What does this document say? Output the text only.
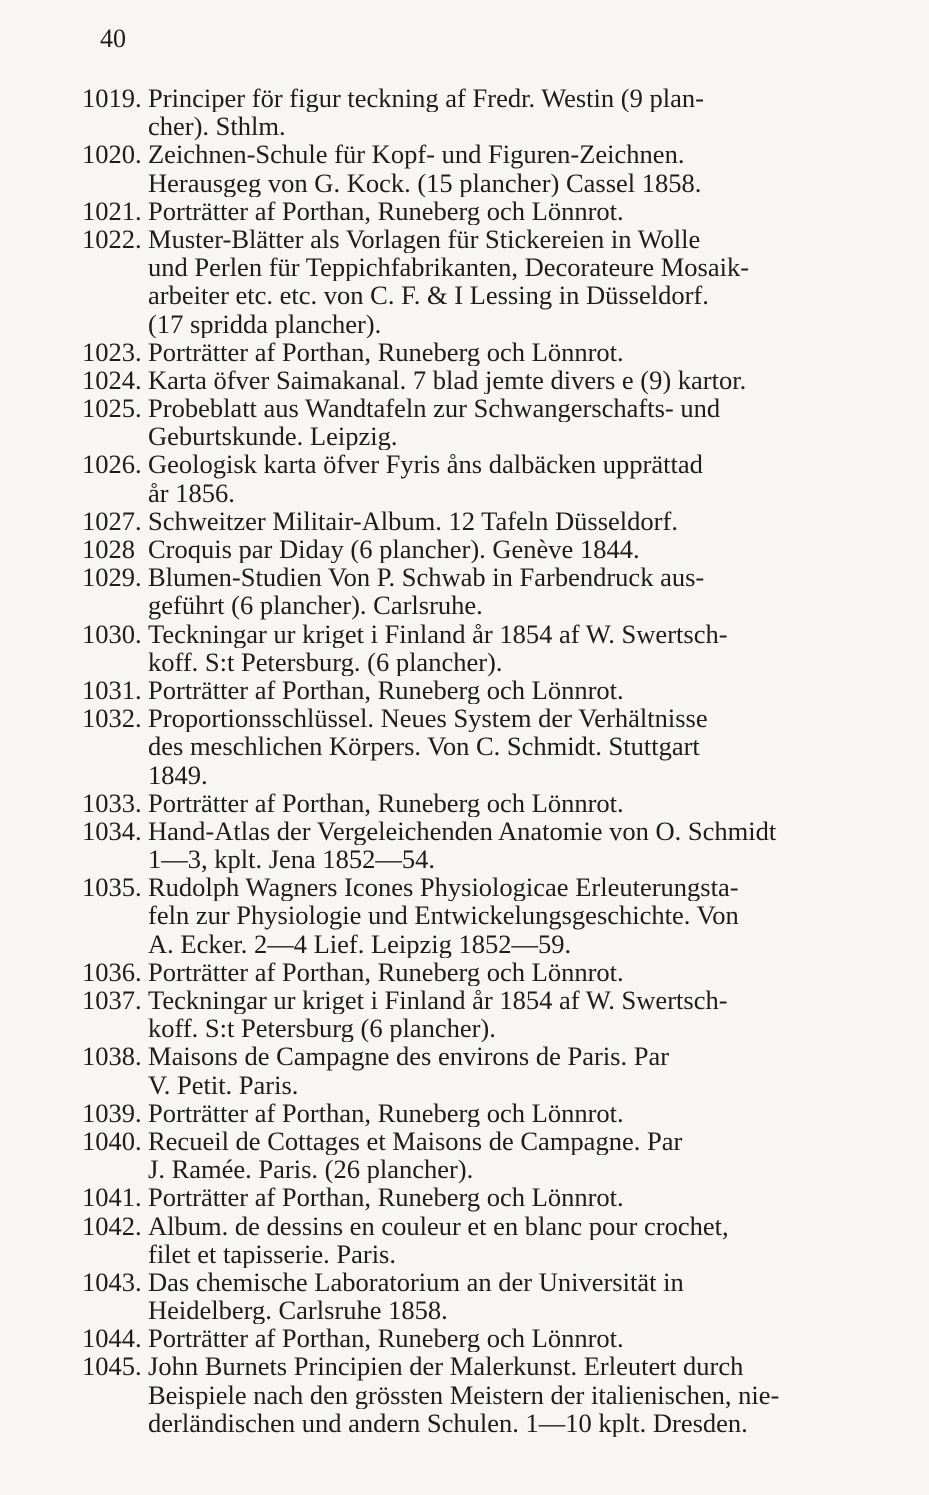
40
1019. Principer för figur teckning af Fredr. Westin (9 plan-
cher). Sthlm.
1020. Zeichnen-Schule für Kopf- und Figuren-Zeichnen.
Herausgeg von G. Kock. (15 plancher) Cassel 1858.
1021. Porträtter af Porthan, Runeberg och Lönnrot.
1022. Muster-Blätter als Vorlagen für Stickereien in Wolle
und Perlen für Teppichfabrikanten, Decorateure Mosaik-
arbeiter etc. etc. von C. F. & I Lessing in Düsseldorf.
(17 spridda plancher).
1023. Porträtter af Porthan, Runeberg och Lönnrot.
1024. Karta öfver Saimakanal. 7 blad jemte divers e (9) kartor.
1025. Probeblatt aus Wandtafeln zur Schwangerschafts- und
Geburtskunde. Leipzig.
1026. Geologisk karta öfver Fyris åns dalbäcken upprättad
år 1856.
1027. Schweitzer Militair-Album. 12 Tafeln Düsseldorf.
1028 Croquis par Diday (6 plancher). Genève 1844.
1029. Blumen-Studien Von P. Schwab in Farbendruck aus-
geführt (6 plancher). Carlsruhe.
1030. Teckningar ur kriget i Finland år 1854 af W. Swertsch-
koff. S:t Petersburg. (6 plancher).
1031. Porträtter af Porthan, Runeberg och Lönnrot.
1032. Proportionsschlüssel. Neues System der Verhältnisse
des meschlichen Körpers. Von C. Schmidt. Stuttgart
1849.
1033. Porträtter af Porthan, Runeberg och Lönnrot.
1034. Hand-Atlas der Vergeleichenden Anatomie von O. Schmidt
1—3, kplt. Jena 1852—54.
1035. Rudolph Wagners Icones Physiologicae Erleuterungsta-
feln zur Physiologie und Entwickelungsgeschichte. Von
A. Ecker. 2—4 Lief. Leipzig 1852—59.
1036. Porträtter af Porthan, Runeberg och Lönnrot.
1037. Teckningar ur kriget i Finland år 1854 af W. Swertsch-
koff. S:t Petersburg (6 plancher).
1038. Maisons de Campagne des environs de Paris. Par
V. Petit. Paris.
1039. Porträtter af Porthan, Runeberg och Lönnrot.
1040. Recueil de Cottages et Maisons de Campagne. Par
J. Ramée. Paris. (26 plancher).
1041. Porträtter af Porthan, Runeberg och Lönnrot.
1042. Album. de dessins en couleur et en blanc pour crochet,
filet et tapisserie. Paris.
1043. Das chemische Laboratorium an der Universität in
Heidelberg. Carlsruhe 1858.
1044. Porträtter af Porthan, Runeberg och Lönnrot.
1045. John Burnets Principien der Malerkunst. Erleutert durch
Beispiele nach den grössten Meistern der italienischen, nie-
derländischen und andern Schulen. 1—10 kplt. Dresden.
